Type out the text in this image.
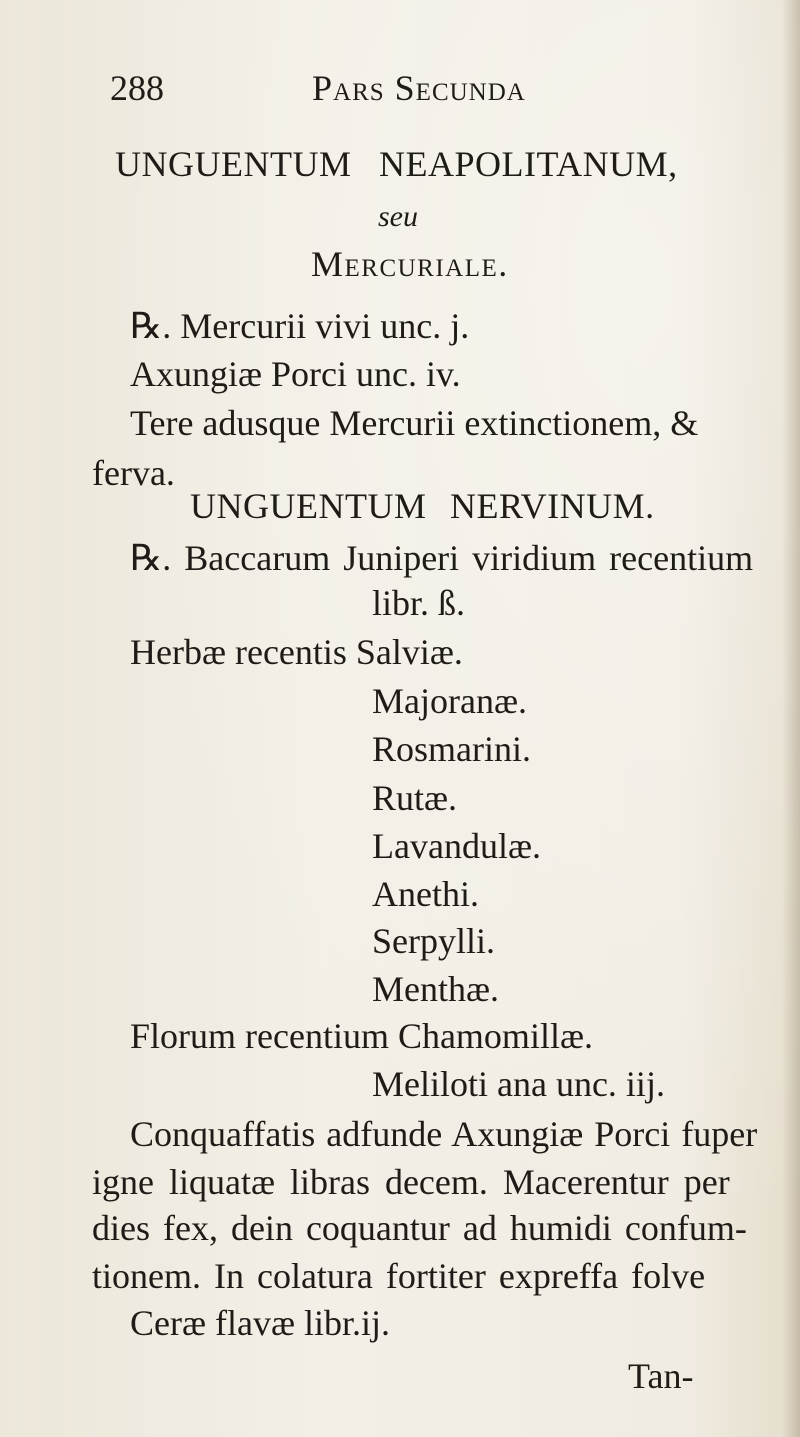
288	Pars Secunda
UNGUENTUM NEAPOLITANUM,
seu
Mercuriale.
℞. Mercurii vivi unc. j.
Axungiæ Porci unc. iv.
Tere adusque Mercurii extinctionem, &
ferva.
UNGUENTUM NERVINUM.
℞. Baccarum Juniperi viridium recentium
libr. ß.
Herbæ recentis Salviæ.
Majoranæ.
Rosmarini.
Rutæ.
Lavandulæ.
Anethi.
Serpylli.
Menthæ.
Florum recentium Chamomillæ.
Meliloti ana unc. iij.
Conquaffatis adfunde Axungiæ Porci fuper
igne liquatæ libras decem. Macerentur per
dies fex, dein coquantur ad humidi confum-
tionem. In colatura fortiter expreffa folve
Ceræ flavæ libr.ij.
Tan-
